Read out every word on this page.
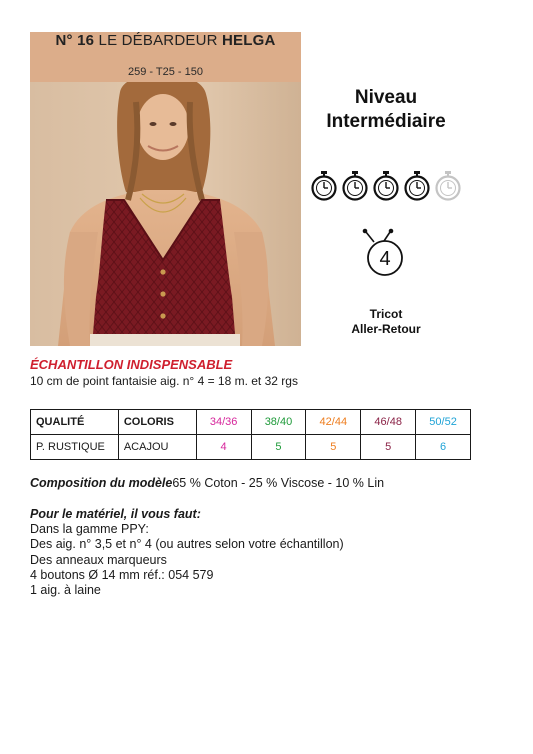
N° 16 LE DÉBARDEUR HELGA
259 - T25 - 150
Niveau
Intermédiaire
4
Tricot
Aller-Retour
ÉCHANTILLON INDISPENSABLE
10 cm de point fantaisie aig. n° 4 = 18 m. et 32 rgs
QUALITÉ	COLORIS	34/36	38/40	42/44	46/48	50/52
P. RUSTIQUE	ACAJOU	4	5	5	5	6
Composition du modèle65 % Coton - 25 % Viscose - 10 % Lin
Pour le matériel, il vous faut:
Dans la gamme PPY:
Des aig. n° 3,5 et n° 4 (ou autres selon votre échantillon)
Des anneaux marqueurs
4 boutons Ø 14 mm réf.: 054 579
1 aig. à laine
